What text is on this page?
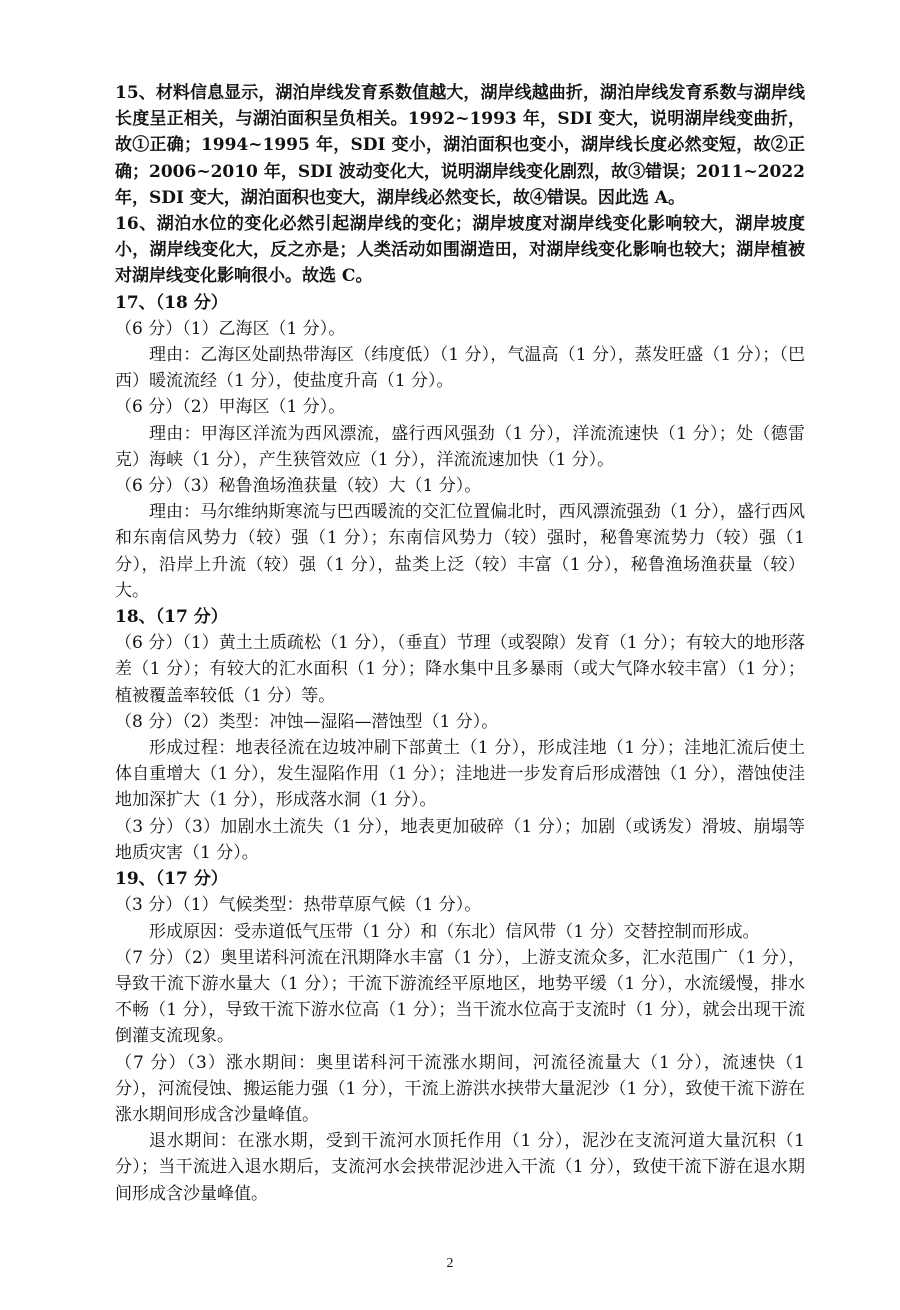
15、材料信息显示，湖泊岸线发育系数值越大，湖岸线越曲折，湖泊岸线发育系数与湖岸线长度呈正相关，与湖泊面积呈负相关。1992~1993 年，SDI 变大，说明湖岸线变曲折，故①正确；1994~1995 年，SDI 变小，湖泊面积也变小，湖岸线长度必然变短，故②正确；2006~2010 年，SDI 波动变化大，说明湖岸线变化剧烈，故③错误；2011~2022 年，SDI 变大，湖泊面积也变大，湖岸线必然变长，故④错误。因此选 A。

16、湖泊水位的变化必然引起湖岸线的变化；湖岸坡度对湖岸线变化影响较大，湖岸坡度小，湖岸线变化大，反之亦是；人类活动如围湖造田，对湖岸线变化影响也较大；湖岸植被对湖岸线变化影响很小。故选 C。

17、（18 分）

（6 分）（1）乙海区（1 分）。

理由：乙海区处副热带海区（纬度低）（1 分），气温高（1 分），蒸发旺盛（1 分）；（巴西）暖流流经（1 分），使盐度升高（1 分）。

（6 分）（2）甲海区（1 分）。

理由：甲海区洋流为西风漂流，盛行西风强劲（1 分），洋流流速快（1 分）；处（德雷克）海峡（1 分），产生狭管效应（1 分），洋流流速加快（1 分）。

（6 分）（3）秘鲁渔场渔获量（较）大（1 分）。

理由：马尔维纳斯寒流与巴西暖流的交汇位置偏北时，西风漂流强劲（1 分），盛行西风和东南信风势力（较）强（1 分）；东南信风势力（较）强时，秘鲁寒流势力（较）强（1 分），沿岸上升流（较）强（1 分），盐类上泛（较）丰富（1 分），秘鲁渔场渔获量（较）大。

18、（17 分）

（6 分）（1）黄土土质疏松（1 分），（垂直）节理（或裂隙）发育（1 分）；有较大的地形落差（1 分）；有较大的汇水面积（1 分）；降水集中且多暴雨（或大气降水较丰富）（1 分）；植被覆盖率较低（1 分）等。

（8 分）（2）类型：冲蚀—湿陷—潜蚀型（1 分）。

形成过程：地表径流在边坡冲刷下部黄土（1 分），形成洼地（1 分）；洼地汇流后使土体自重增大（1 分），发生湿陷作用（1 分）；洼地进一步发育后形成潜蚀（1 分），潜蚀使洼地加深扩大（1 分），形成落水洞（1 分）。

（3 分）（3）加剧水土流失（1 分），地表更加破碎（1 分）；加剧（或诱发）滑坡、崩塌等地质灾害（1 分）。

19、（17 分）

（3 分）（1）气候类型：热带草原气候（1 分）。

形成原因：受赤道低气压带（1 分）和（东北）信风带（1 分）交替控制而形成。

（7 分）（2）奥里诺科河流在汛期降水丰富（1 分），上游支流众多，汇水范围广（1 分），导致干流下游水量大（1 分）；干流下游流经平原地区，地势平缓（1 分），水流缓慢，排水不畅（1 分），导致干流下游水位高（1 分）；当干流水位高于支流时（1 分），就会出现干流倒灌支流现象。

（7 分）（3）涨水期间：奥里诺科河干流涨水期间，河流径流量大（1 分），流速快（1 分），河流侵蚀、搬运能力强（1 分），干流上游洪水挟带大量泥沙（1 分），致使干流下游在涨水期间形成含沙量峰值。

退水期间：在涨水期，受到干流河水顶托作用（1 分），泥沙在支流河道大量沉积（1 分）；当干流进入退水期后，支流河水会挟带泥沙进入干流（1 分），致使干流下游在退水期间形成含沙量峰值。

2
